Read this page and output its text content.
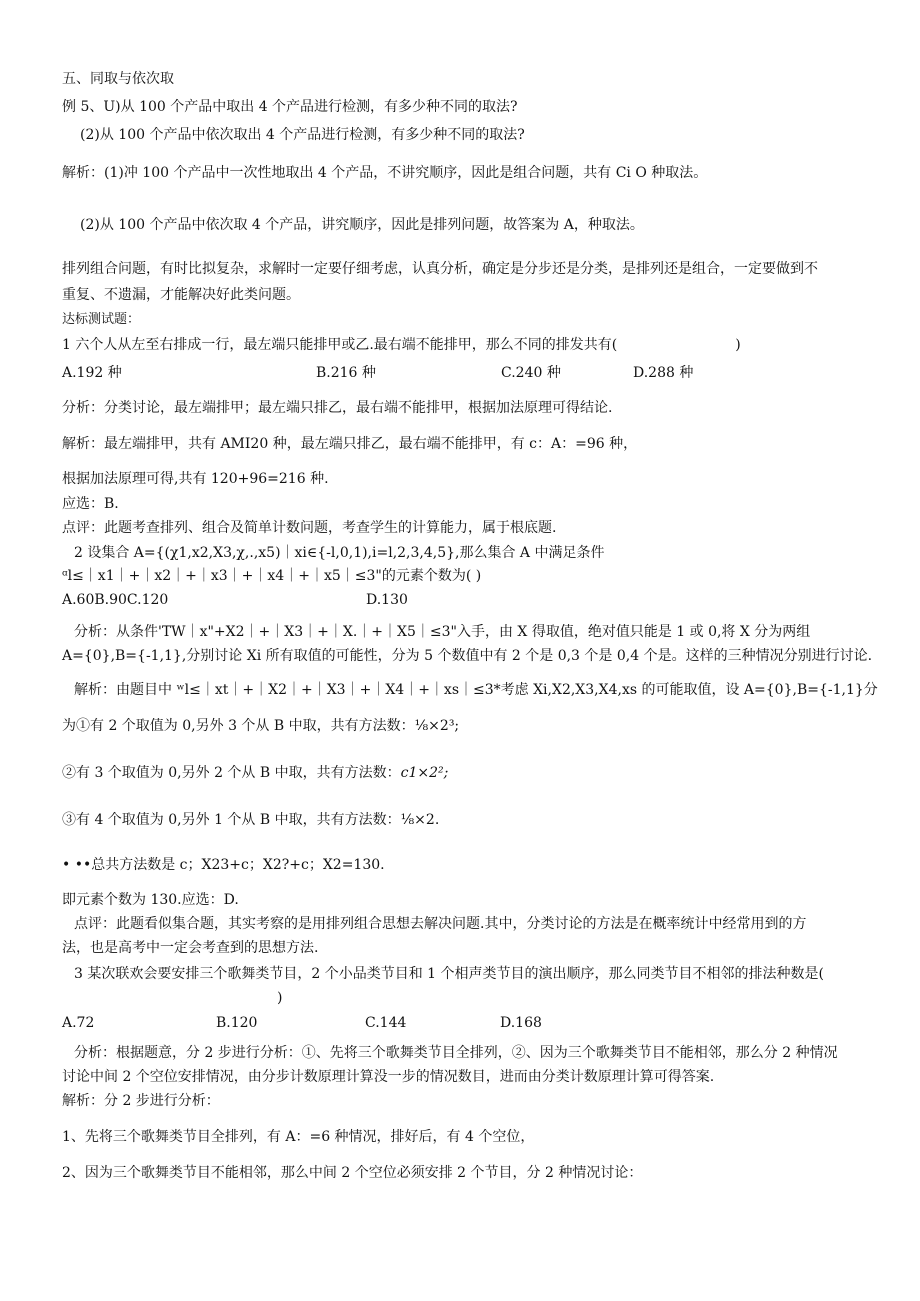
五、同取与依次取
例 5、U)从 100 个产品中取出 4 个产品进行检测，有多少种不同的取法?
(2)从 100 个产品中依次取出 4 个产品进行检测，有多少种不同的取法?
解析：(1)冲 100 个产品中一次性地取出 4 个产品，不讲究顺序，因此是组合问题，共有 Ci O 种取法。
(2)从 100 个产品中依次取 4 个产品，讲究顺序，因此是排列问题，故答案为 A，种取法。
排列组合问题，有时比拟复杂，求解时一定要仔细考虑，认真分析，确定是分步还是分类，是排列还是组合，一定要做到不
重复、不遗漏，才能解决好此类问题。
达标测试题：
1 六个人从左至右排成一行，最左端只能排甲或乙.最右端不能排甲，那么不同的排发共有(	)
A.192 种	B.216 种	C.240 种	D.288 种
分析：分类讨论，最左端排甲；最左端只排乙，最右端不能排甲，根据加法原理可得结论.
解析：最左端排甲，共有 AMI20 种，最左端只排乙，最右端不能排甲，有 c：A：=96 种，
根据加法原理可得,共有 120+96=216 种.
应选：B.
点评：此题考查排列、组合及简单计数问题，考查学生的计算能力，属于根底题.
2 设集合 A={(χ1,x2,X3,χ,.,x5)｜xi∈{-l,0,1),i=l,2,3,4,5},那么集合 A 中满足条件
ᵅl≤｜x1｜+｜x2｜+｜x3｜+｜x4｜+｜x5｜≤3"的元素个数为( )
A.60B.90C.120	D.130
分析：从条件'TW｜x"+X2｜+｜X3｜+｜X.｜+｜X5｜≤3"入手，由 X 得取值，绝对值只能是 1 或 0,将 X 分为两组
A={0},B={-1,1},分别讨论 Xi 所有取值的可能性，分为 5 个数值中有 2 个是 0,3 个是 0,4 个是。这样的三种情况分别进行讨论.
解析：由题目中 ʷl≤｜xt｜+｜X2｜+｜X3｜+｜X4｜+｜xs｜≤3*考虑 Xi,X2,X3,X4,xs 的可能取值，设 A={0},B={-1,1}分
为①有 2 个取值为 0,另外 3 个从 B 中取，共有方法数：⅛×2³;
②有 3 个取值为 0,另外 2 个从 B 中取，共有方法数：c1×2²;
③有 4 个取值为 0,另外 1 个从 B 中取，共有方法数：⅛×2.
• ••总共方法数是 c；X23+c；X2?+c；X2=130.
即元素个数为 130.应选：D.
点评：此题看似集合题，其实考察的是用排列组合思想去解决问题.其中，分类讨论的方法是在概率统计中经常用到的方
法，也是高考中一定会考查到的思想方法.
3 某次联欢会要安排三个歌舞类节目，2 个小品类节目和 1 个相声类节目的演出顺序，那么同类节目不相邻的排法种数是(
)
A.72	B.120	C.144	D.168
分析：根据题意，分 2 步进行分析：①、先将三个歌舞类节目全排列，②、因为三个歌舞类节目不能相邻，那么分 2 种情况
讨论中间 2 个空位安排情况，由分步计数原理计算没一步的情况数目，进而由分类计数原理计算可得答案.
解析：分 2 步进行分析：
1、先将三个歌舞类节目全排列，有 A：=6 种情况，排好后，有 4 个空位，
2、因为三个歌舞类节目不能相邻，那么中间 2 个空位必须安排 2 个节目，分 2 种情况讨论：
